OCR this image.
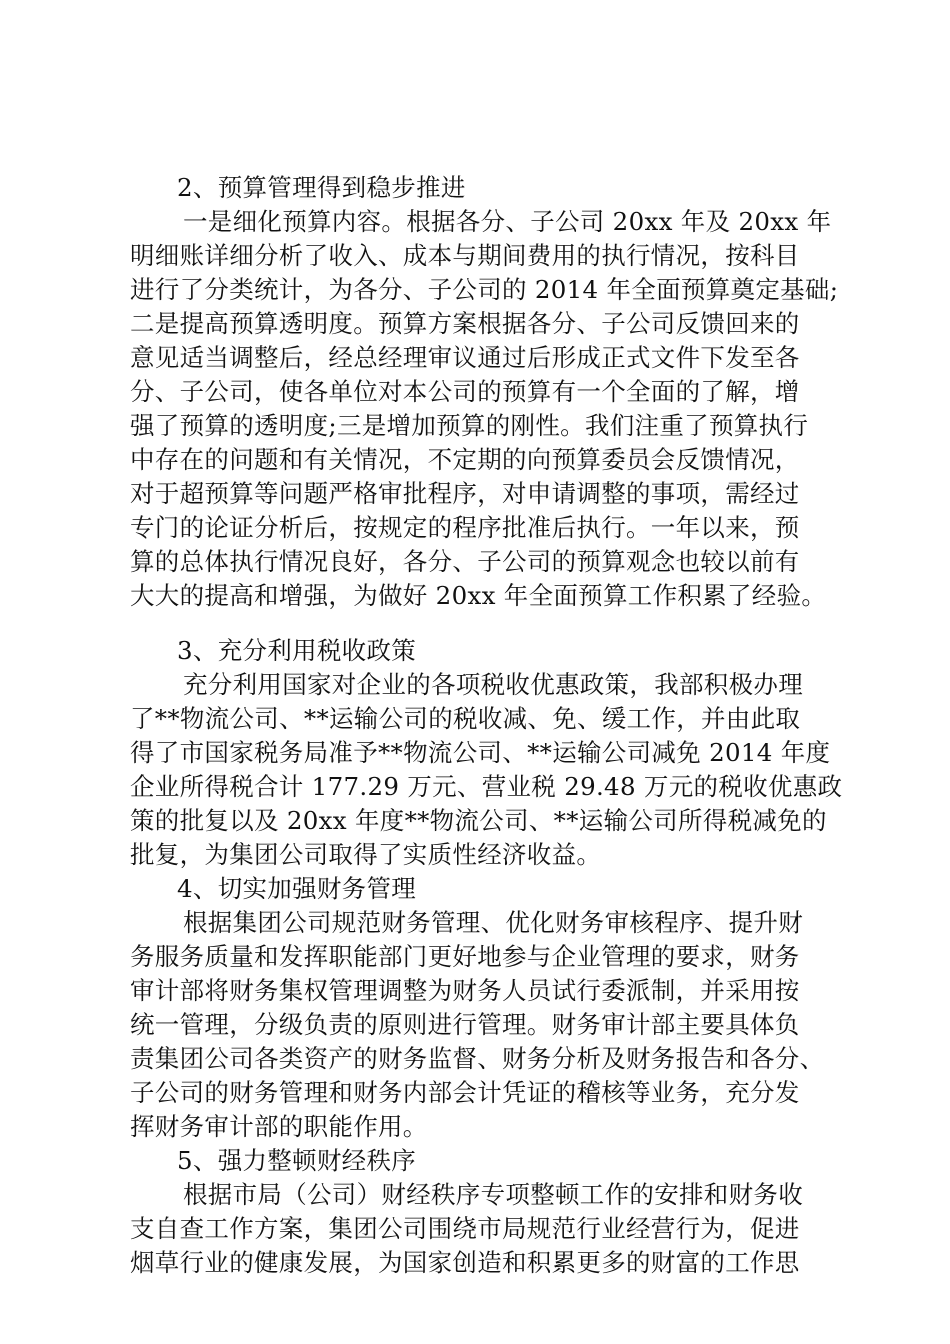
2、预算管理得到稳步推进
一是细化预算内容。根据各分、子公司 20xx 年及 20xx 年
明细账详细分析了收入、成本与期间费用的执行情况，按科目
进行了分类统计，为各分、子公司的 2014 年全面预算奠定基础;
二是提高预算透明度。预算方案根据各分、子公司反馈回来的
意见适当调整后，经总经理审议通过后形成正式文件下发至各
分、子公司，使各单位对本公司的预算有一个全面的了解，增
强了预算的透明度;三是增加预算的刚性。我们注重了预算执行
中存在的问题和有关情况，不定期的向预算委员会反馈情况，
对于超预算等问题严格审批程序，对申请调整的事项，需经过
专门的论证分析后，按规定的程序批准后执行。一年以来，预
算的总体执行情况良好，各分、子公司的预算观念也较以前有
大大的提高和增强，为做好 20xx 年全面预算工作积累了经验。
3、充分利用税收政策
充分利用国家对企业的各项税收优惠政策，我部积极办理
了**物流公司、**运输公司的税收减、免、缓工作，并由此取
得了市国家税务局准予**物流公司、**运输公司减免 2014 年度
企业所得税合计 177.29 万元、营业税 29.48 万元的税收优惠政
策的批复以及 20xx 年度**物流公司、**运输公司所得税减免的
批复，为集团公司取得了实质性经济收益。
4、切实加强财务管理
根据集团公司规范财务管理、优化财务审核程序、提升财
务服务质量和发挥职能部门更好地参与企业管理的要求，财务
审计部将财务集权管理调整为财务人员试行委派制，并采用按
统一管理，分级负责的原则进行管理。财务审计部主要具体负
责集团公司各类资产的财务监督、财务分析及财务报告和各分、
子公司的财务管理和财务内部会计凭证的稽核等业务，充分发
挥财务审计部的职能作用。
5、强力整顿财经秩序
根据市局（公司）财经秩序专项整顿工作的安排和财务收
支自查工作方案，集团公司围绕市局规范行业经营行为，促进
烟草行业的健康发展，为国家创造和积累更多的财富的工作思
